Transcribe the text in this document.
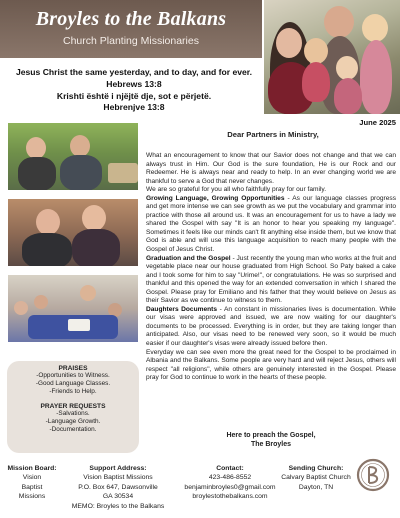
Broyles to the Balkans
Church Planting Missionaries
Jesus Christ the same yesterday, and to day, and for ever.
Hebrews 13:8
Krishti është i njëjtë dje, sot e përjetë.
Hebrenjve 13:8
June 2025
Dear Partners in Ministry,
PRAISES
-Opportunities to Witness.
-Good Language Classes.
-Friends to Help.
PRAYER REQUESTS
-Salvations.
-Language Growth.
-Documentation.

What an encouragement to know that our Savior does not change and that we can always trust in Him. Our God is the sure foundation, He is our Rock and our Redeemer. He is always near and ready to help. In an ever changing world we are thankful to serve a God that never changes.

We are so grateful for you all who faithfully pray for our family.

Growing Language, Growing Opportunities - As our language classes progress and get more intense we can see growth as we put the vocabulary and grammar into practice with those all around us. It was an encouragement for us to have a lady we shared the Gospel with say "It is an honor to hear you speaking my language". Sometimes it feels like our minds can't fit anything else inside them, but we know that God is able and will use this language acquisition to reach many people with the Gospel of Jesus Christ.

Graduation and the Gospel - Just recently the young man who works at the fruit and vegetable place near our house graduated from High School. So Paty baked a cake and I took some for him to say "Urime!", or congratulations. He was so surprised and thankful and this opened the way for an extended conversation in which I shared the Gospel. Please pray for Emiliano and his father that they would believe on Jesus as their Savior as we continue to witness to them.

Daughters Documents - An constant in missionaries lives is documentation. While our visas were approved and issued, we are now waiting for our daughter's documents to be processed. Everything is in order, but they are taking longer than anticipated. Also, our visas need to be renewed very soon, so it would be much easier if our daughter's visas were already issued before then.

Everyday we can see even more the great need for the Gospel to be proclaimed in Albania and the Balkans. Some people are very hard and will reject Jesus, others will respect "all religions", while others are genuinely interested in the Gospel. Please pray for God to continue to work in the hearts of these people.

Here to preach the Gospel,
The Broyles
Mission Board:
Vision
Baptist
Missions
Support Address:
Vision Baptist Missions
P.O. Box 647, Dawsonville
GA 30534
MEMO: Broyles to the Balkans
Contact:
423-486-8552
benjaminbroyles0@gmail.com
broylestothebalkans.com
Sending Church:
Calvary Baptist Church
Dayton, TN
